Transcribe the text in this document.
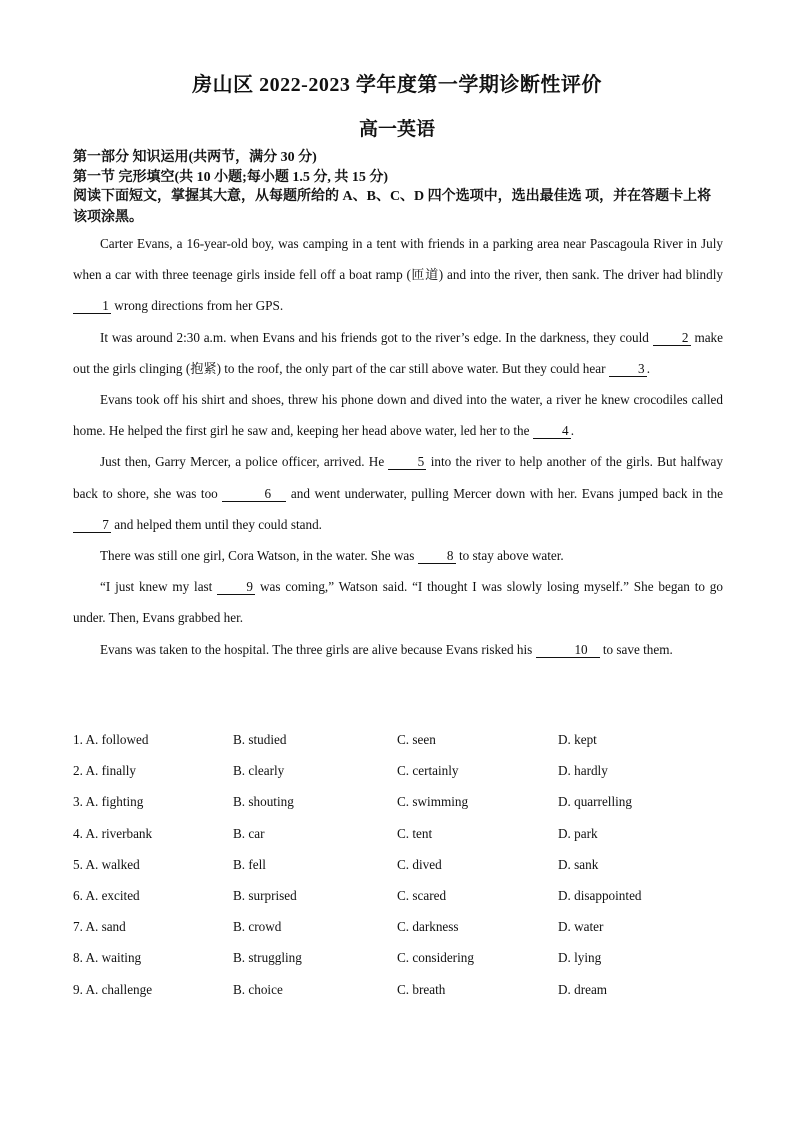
房山区 2022-2023 学年度第一学期诊断性评价
高一英语
第一部分 知识运用(共两节，满分 30 分)
第一节 完形填空(共 10 小题;每小题 1.5 分, 共 15 分)
阅读下面短文，掌握其大意，从每题所给的 A、B、C、D 四个选项中，选出最佳选 项，并在答题卡上将该项涂黑。

Carter Evans, a 16-year-old boy, was camping in a tent with friends in a parking area near Pascagoula River in July when a car with three teenage girls inside fell off a boat ramp (匝道) and into the river, then sank. The driver had blindly 1 wrong directions from her GPS.

It was around 2:30 a.m. when Evans and his friends got to the river’s edge. In the darkness, they could 2 make out the girls clinging (抱紧) to the roof, the only part of the car still above water. But they could hear 3 .

Evans took off his shirt and shoes, threw his phone down and dived into the water, a river he knew crocodiles called home. He helped the first girl he saw and, keeping her head above water, led her to the 4 .

Just then, Garry Mercer, a police officer, arrived. He 5 into the river to help another of the girls. But halfway back to shore, she was too	6 and went underwater, pulling Mercer down with her. Evans jumped back in the 7 and helped them until they could stand.

There was still one girl, Cora Watson, in the water. She was 8 to stay above water.

“I just knew my last 9 was coming,” Watson said. “I thought I was slowly losing myself.” She began to go under. Then, Evans grabbed her.

Evans was taken to the hospital. The three girls are alive because Evans risked his	10 to save them.

1. A. followed	B. studied	C. seen	D. kept
2. A. finally	B. clearly	C. certainly	D. hardly
3. A. fighting	B. shouting	C. swimming	D. quarrelling
4. A. riverbank	B. car	C. tent	D. park
5. A. walked	B. fell	C. dived	D. sank
6. A. excited	B. surprised	C. scared	D. disappointed
7. A. sand	B. crowd	C. darkness	D. water
8. A. waiting	B. struggling	C. considering	D. lying
9. A. challenge	B. choice	C. breath	D. dream
